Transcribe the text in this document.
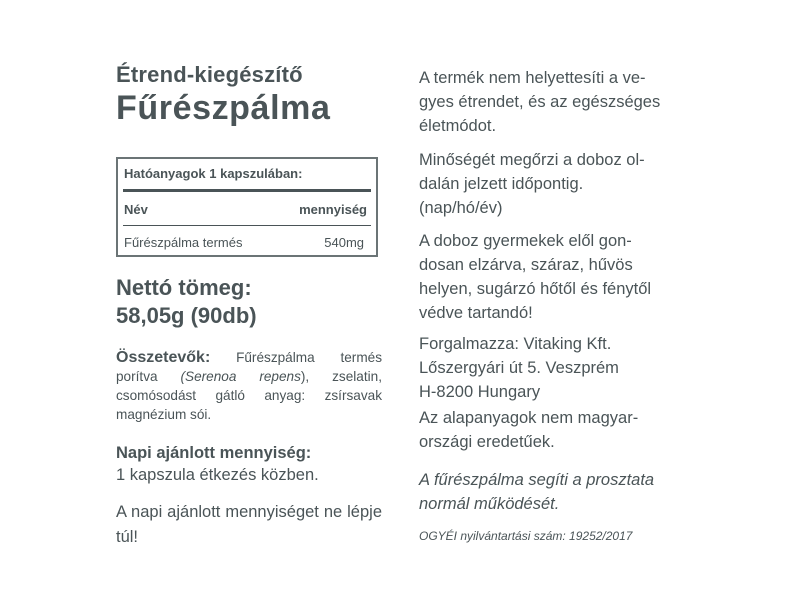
Étrend-kiegészítő
Fűrészpálma
Hatóanyagok 1 kapszulában:
Név	mennyiség
Fűrészpálma termés	540mg
Nettó tömeg:
58,05g (90db)
Összetevők: Fűrészpálma termés porítva (Serenoa repens), zselatin, csomósodást gátló anyag: zsírsavak magnézium sói.
Napi ajánlott mennyiség:
1 kapszula étkezés közben.
A napi ajánlott mennyiséget ne lépje túl!

A termék nem helyettesíti a ve-
gyes étrendet, és az egészséges
életmódot.

Minőségét megőrzi a doboz ol-
dalán jelzett időpontig.
(nap/hó/év)

A doboz gyermekek elől gon-
dosan elzárva, száraz, hűvös
helyen, sugárzó hőtől és fénytől
védve tartandó!

Forgalmazza: Vitaking Kft.
Lőszergyári út 5. Veszprém
H-8200 Hungary

Az alapanyagok nem magyar-
országi eredetűek.

A fűrészpálma segíti a prosztata
normál működését.

OGYÉI nyilvántartási szám: 19252/2017
